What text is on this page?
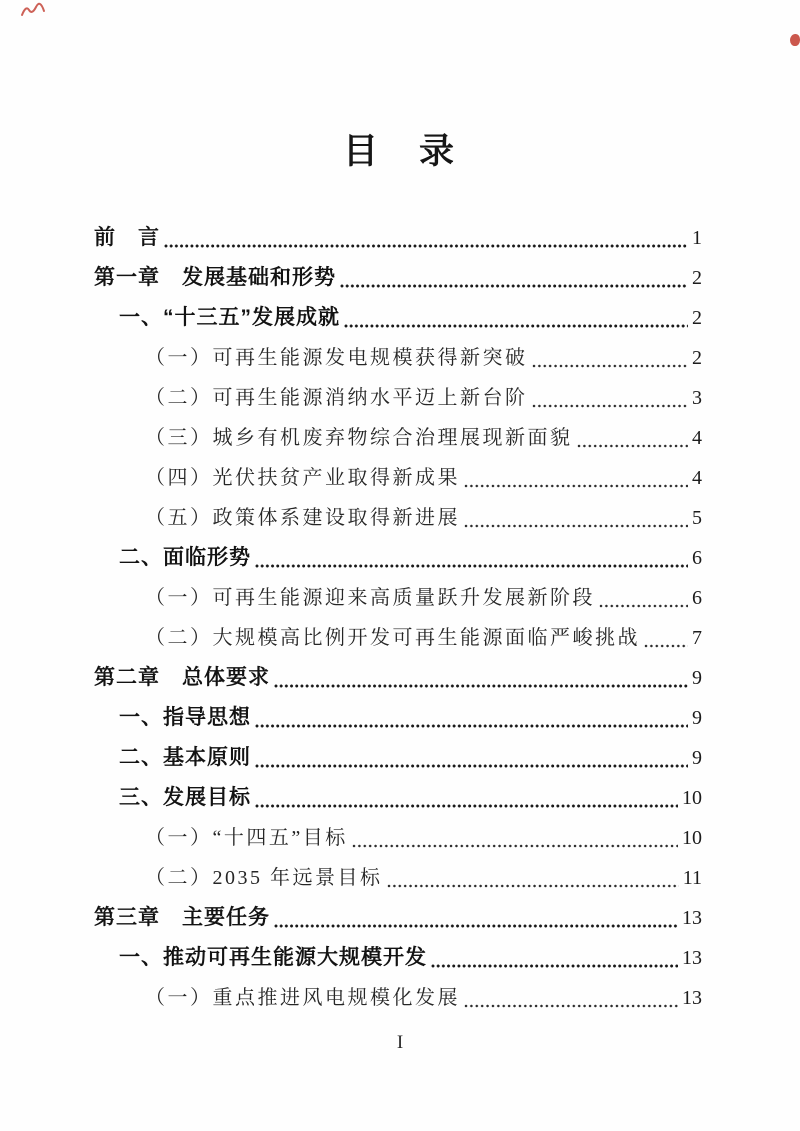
目　录
前　言	1
第一章　发展基础和形势	2
一、“十三五”发展成就	2
（一）可再生能源发电规模获得新突破	2
（二）可再生能源消纳水平迈上新台阶	3
（三）城乡有机废弃物综合治理展现新面貌	4
（四）光伏扶贫产业取得新成果	4
（五）政策体系建设取得新进展	5
二、面临形势	6
（一）可再生能源迎来高质量跃升发展新阶段	6
（二）大规模高比例开发可再生能源面临严峻挑战	7
第二章　总体要求	9
一、指导思想	9
二、基本原则	9
三、发展目标	10
（一）“十四五”目标	10
（二）2035 年远景目标	11
第三章　主要任务	13
一、推动可再生能源大规模开发	13
（一）重点推进风电规模化发展	13
I
